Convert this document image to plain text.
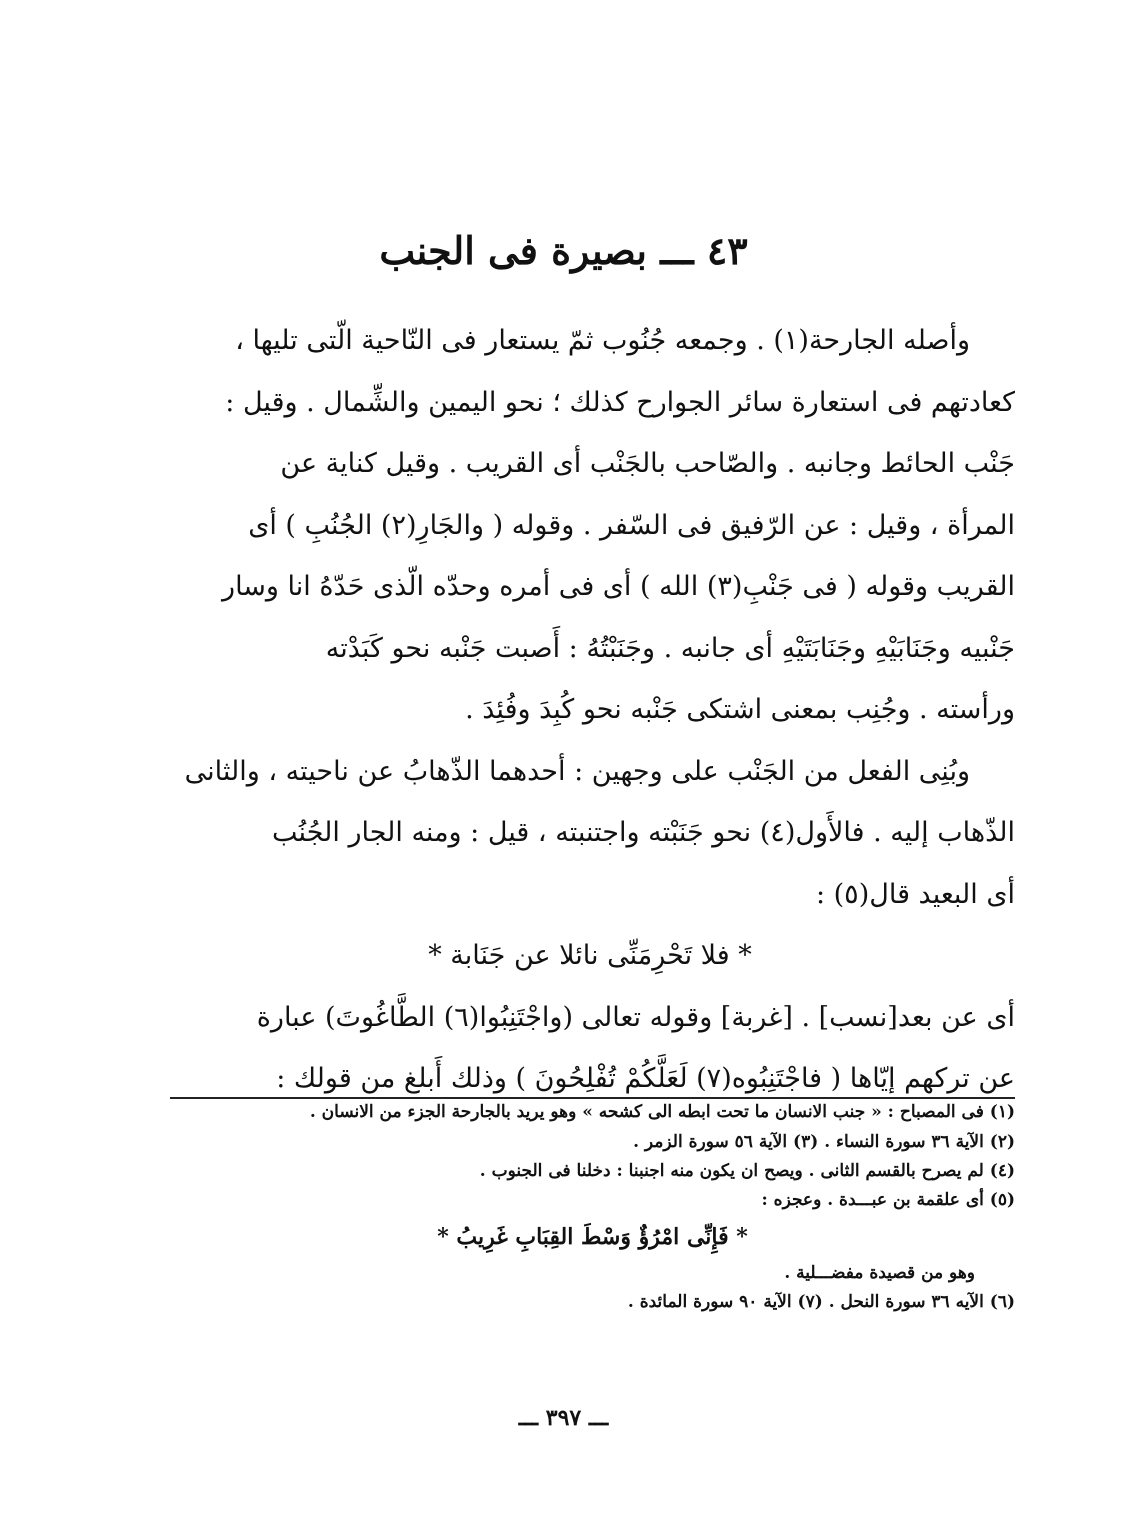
٤٣ ـــ بصيرة فى الجنب
وأصله الجارحة(١) . وجمعه جُنُوب ثمّ يستعار فى النّاحية الّتى تليها ،
كعادتهم فى استعارة سائر الجوارح كذلك ؛ نحو اليمين والشِّمال . وقيل :
جَنْب الحائط وجانبه . والصّاحب بالجَنْب أى القريب . وقيل كناية عن
المرأة ، وقيل : عن الرّفيق فى السّفر . وقوله ( والجَارِ(٢) الجُنُبِ ) أى
القريب وقوله ( فى جَنْبِ(٣) الله ) أى فى أمره وحدّه الّذى حَدّهُ انا وسار
جَنْبيه وجَنَابَيْهِ وجَنَابَتَيْهِ أى جانبه . وجَنَبْتُهُ : أَصبت جَنْبه نحو كَبَدْته
ورأسته . وجُنِب بمعنى اشتكى جَنْبه نحو كُبِدَ وفُئِدَ .
وبُنِى الفعل من الجَنْب على وجهين : أحدهما الذّهابُ عن ناحيته ، والثانى
الذّهاب إليه . فالأَول(٤) نحو جَنَبْته واجتنبته ، قيل : ومنه الجار الجُنُب
أى البعيد قال(٥) :
* فلا تَحْرِمَنِّى نائلا عن جَنَابة *
أى عن بعد[نسب] . [غربة] وقوله تعالى (واجْتَنِبُوا(٦) الطَّاغُوتَ) عبارة
عن تركهم إيّاها ( فاجْتَنِبُوه(٧) لَعَلَّكُمْ تُفْلِحُونَ ) وذلك أَبلغ من قولك :
(١) فى المصباح : « جنب الانسان ما تحت ابطه الى كشحه » وهو يريد بالجارحة الجزء من الانسان .
(٢) الآية ٣٦ سورة النساء . (٣) الآية ٥٦ سورة الزمر .
(٤) لم يصرح بالقسم الثانى . ويصح ان يكون منه اجنبنا : دخلنا فى الجنوب .
(٥) أى علقمة بن عبـــدة . وعجزه :
* فَإِنِّى امْرُؤٌ وَسْطَ القِبَابِ غَرِيبُ *
وهو من قصيدة مفضـــلية .
(٦) الآيه ٣٦ سورة النحل . (٧) الآية ٩٠ سورة المائدة .
ـــ ٣٩٧ ـــ
